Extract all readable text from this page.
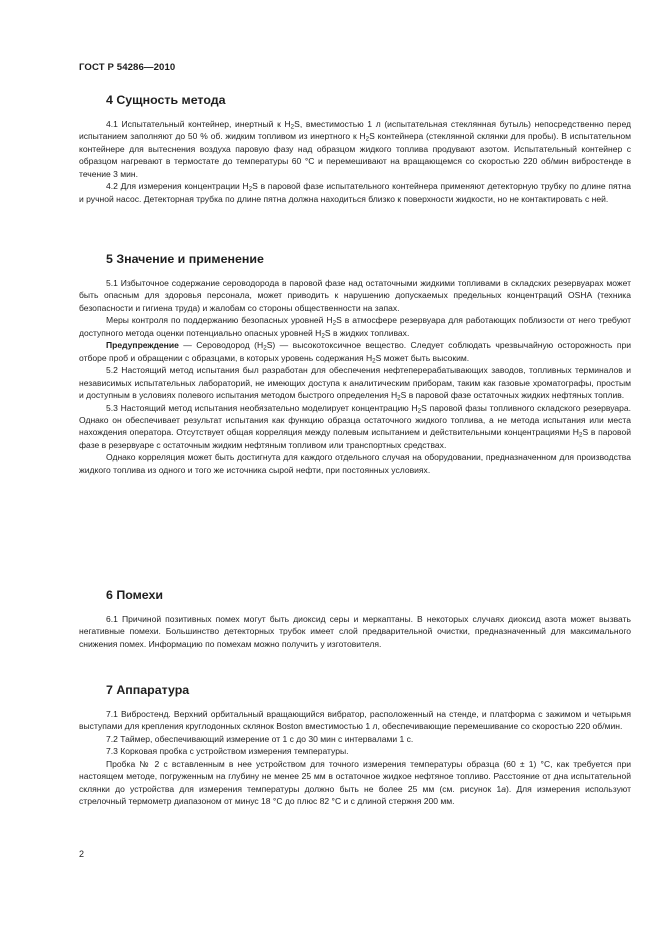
ГОСТ Р 54286—2010
4 Сущность метода

4.1 Испытательный контейнер, инертный к $H_2S$, вместимостью 1 л (испытательная стеклянная бутыль) непосредственно перед испытанием заполняют до 50 % об. жидким топливом из инертного к $H_2S$ контейнера (стеклянной склянки для пробы). В испытательном контейнере для вытеснения воздуха паровую фазу над образцом жидкого топлива продувают азотом. Испытательный контейнер с образцом нагревают в термостате до температуры 60 °C и перемешивают на вращающемся со скоростью 220 об/мин вибростенде в течение 3 мин.

4.2 Для измерения концентрации $H_2S$ в паровой фазе испытательного контейнера применяют детекторную трубку по длине пятна и ручной насос. Детекторная трубка по длине пятна должна находиться близко к поверхности жидкости, но не контактировать с ней.

5 Значение и применение

5.1 Избыточное содержание сероводорода в паровой фазе над остаточными жидкими топливами в складских резервуарах может быть опасным для здоровья персонала, может приводить к нарушению допускаемых предельных концентраций OSHA (техника безопасности и гигиена труда) и жалобам со стороны общественности на запах.

Меры контроля по поддержанию безопасных уровней $H_2S$ в атмосфере резервуара для работающих поблизости от него требуют доступного метода оценки потенциально опасных уровней $H_2S$ в жидких топливах.

Предупреждение — Сероводород $(H_2S)$ — высокотоксичное вещество. Следует соблюдать чрезвычайную осторожность при отборе проб и обращении с образцами, в которых уровень содержания $H_2S$ может быть высоким.

5.2 Настоящий метод испытания был разработан для обеспечения нефтеперерабатывающих заводов, топливных терминалов и независимых испытательных лабораторий, не имеющих доступа к аналитическим приборам, таким как газовые хроматографы, простым и доступным в условиях полевого испытания методом быстрого определения $H_2S$ в паровой фазе остаточных жидких нефтяных топлив.

5.3 Настоящий метод испытания необязательно моделирует концентрацию $H_2S$ паровой фазы топливного складского резервуара. Однако он обеспечивает результат испытания как функцию образца остаточного жидкого топлива, а не метода испытания или места нахождения оператора. Отсутствует общая корреляция между полевым испытанием и действительными концентрациями $H_2S$ в паровой фазе в резервуаре с остаточным жидким нефтяным топливом или транспортных средствах.

Однако корреляция может быть достигнута для каждого отдельного случая на оборудовании, предназначенном для производства жидкого топлива из одного и того же источника сырой нефти, при постоянных условиях.

6 Помехи

6.1 Причиной позитивных помех могут быть диоксид серы и меркаптаны. В некоторых случаях диоксид азота может вызвать негативные помехи. Большинство детекторных трубок имеет слой предварительной очистки, предназначенный для максимального снижения помех. Информацию по помехам можно получить у изготовителя.

7 Аппаратура

7.1 Вибростенд. Верхний орбитальный вращающийся вибратор, расположенный на стенде, и платформа с зажимом и четырьмя выступами для крепления круглодонных склянок Boston вместимостью 1 л, обеспечивающие перемешивание со скоростью 220 об/мин.

7.2 Таймер, обеспечивающий измерение от 1 с до 30 мин с интервалами 1 с.

7.3 Корковая пробка с устройством измерения температуры.

Пробка № 2 с вставленным в нее устройством для точного измерения температуры образца (60 ± 1) °C, как требуется при настоящем методе, погруженным на глубину не менее 25 мм в остаточное жидкое нефтяное топливо. Расстояние от дна испытательной склянки до устройства для измерения температуры должно быть не более 25 мм (см. рисунок 1а). Для измерения используют стрелочный термометр диапазоном от минус 18 °C до плюс 82 °C и с длиной стержня 200 мм.

2
